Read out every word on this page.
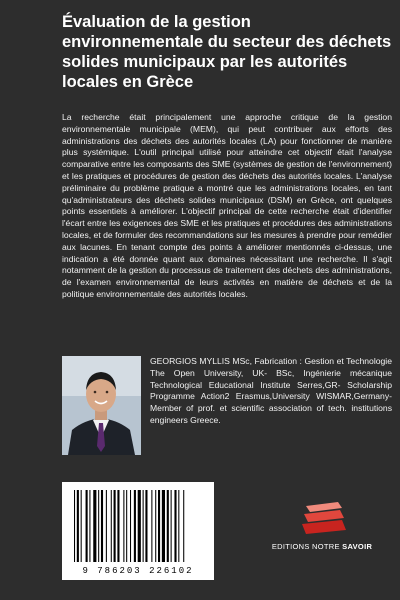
Évaluation de la gestion environnementale du secteur des déchets solides municipaux par les autorités locales en Grèce

La recherche était principalement une approche critique de la gestion environnementale municipale (MEM), qui peut contribuer aux efforts des administrations des déchets des autorités locales (LA) pour fonctionner de manière plus systémique. L'outil principal utilisé pour atteindre cet objectif était l'analyse comparative entre les composants des SME (systèmes de gestion de l'environnement) et les pratiques et procédures de gestion des déchets des autorités locales. L'analyse préliminaire du problème pratique a montré que les administrations locales, en tant qu'administrateurs des déchets solides municipaux (DSM) en Grèce, ont quelques points essentiels à améliorer. L'objectif principal de cette recherche était d'identifier l'écart entre les exigences des SME et les pratiques et procédures des administrations locales, et de formuler des recommandations sur les mesures à prendre pour remédier aux lacunes. En tenant compte des points à améliorer mentionnés ci-dessus, une indication a été donnée quant aux domaines nécessitant une recherche. Il s'agit notamment de la gestion du processus de traitement des déchets des administrations, de l'examen environnemental de leurs activités en matière de déchets et de la politique environnementale des autorités locales.

GEORGIOS MYLLIS MSc, Fabrication : Gestion et Technologie The Open University, UK- BSc, Ingénierie mécanique Technological Educational Institute Serres,GR- Scholarship Programme Action2 Erasmus,University WISMAR,Germany- Member of prof. et scientific association of tech. institutions engineers Greece.

9 786203 226102
EDITIONS NOTRE SAVOIR
